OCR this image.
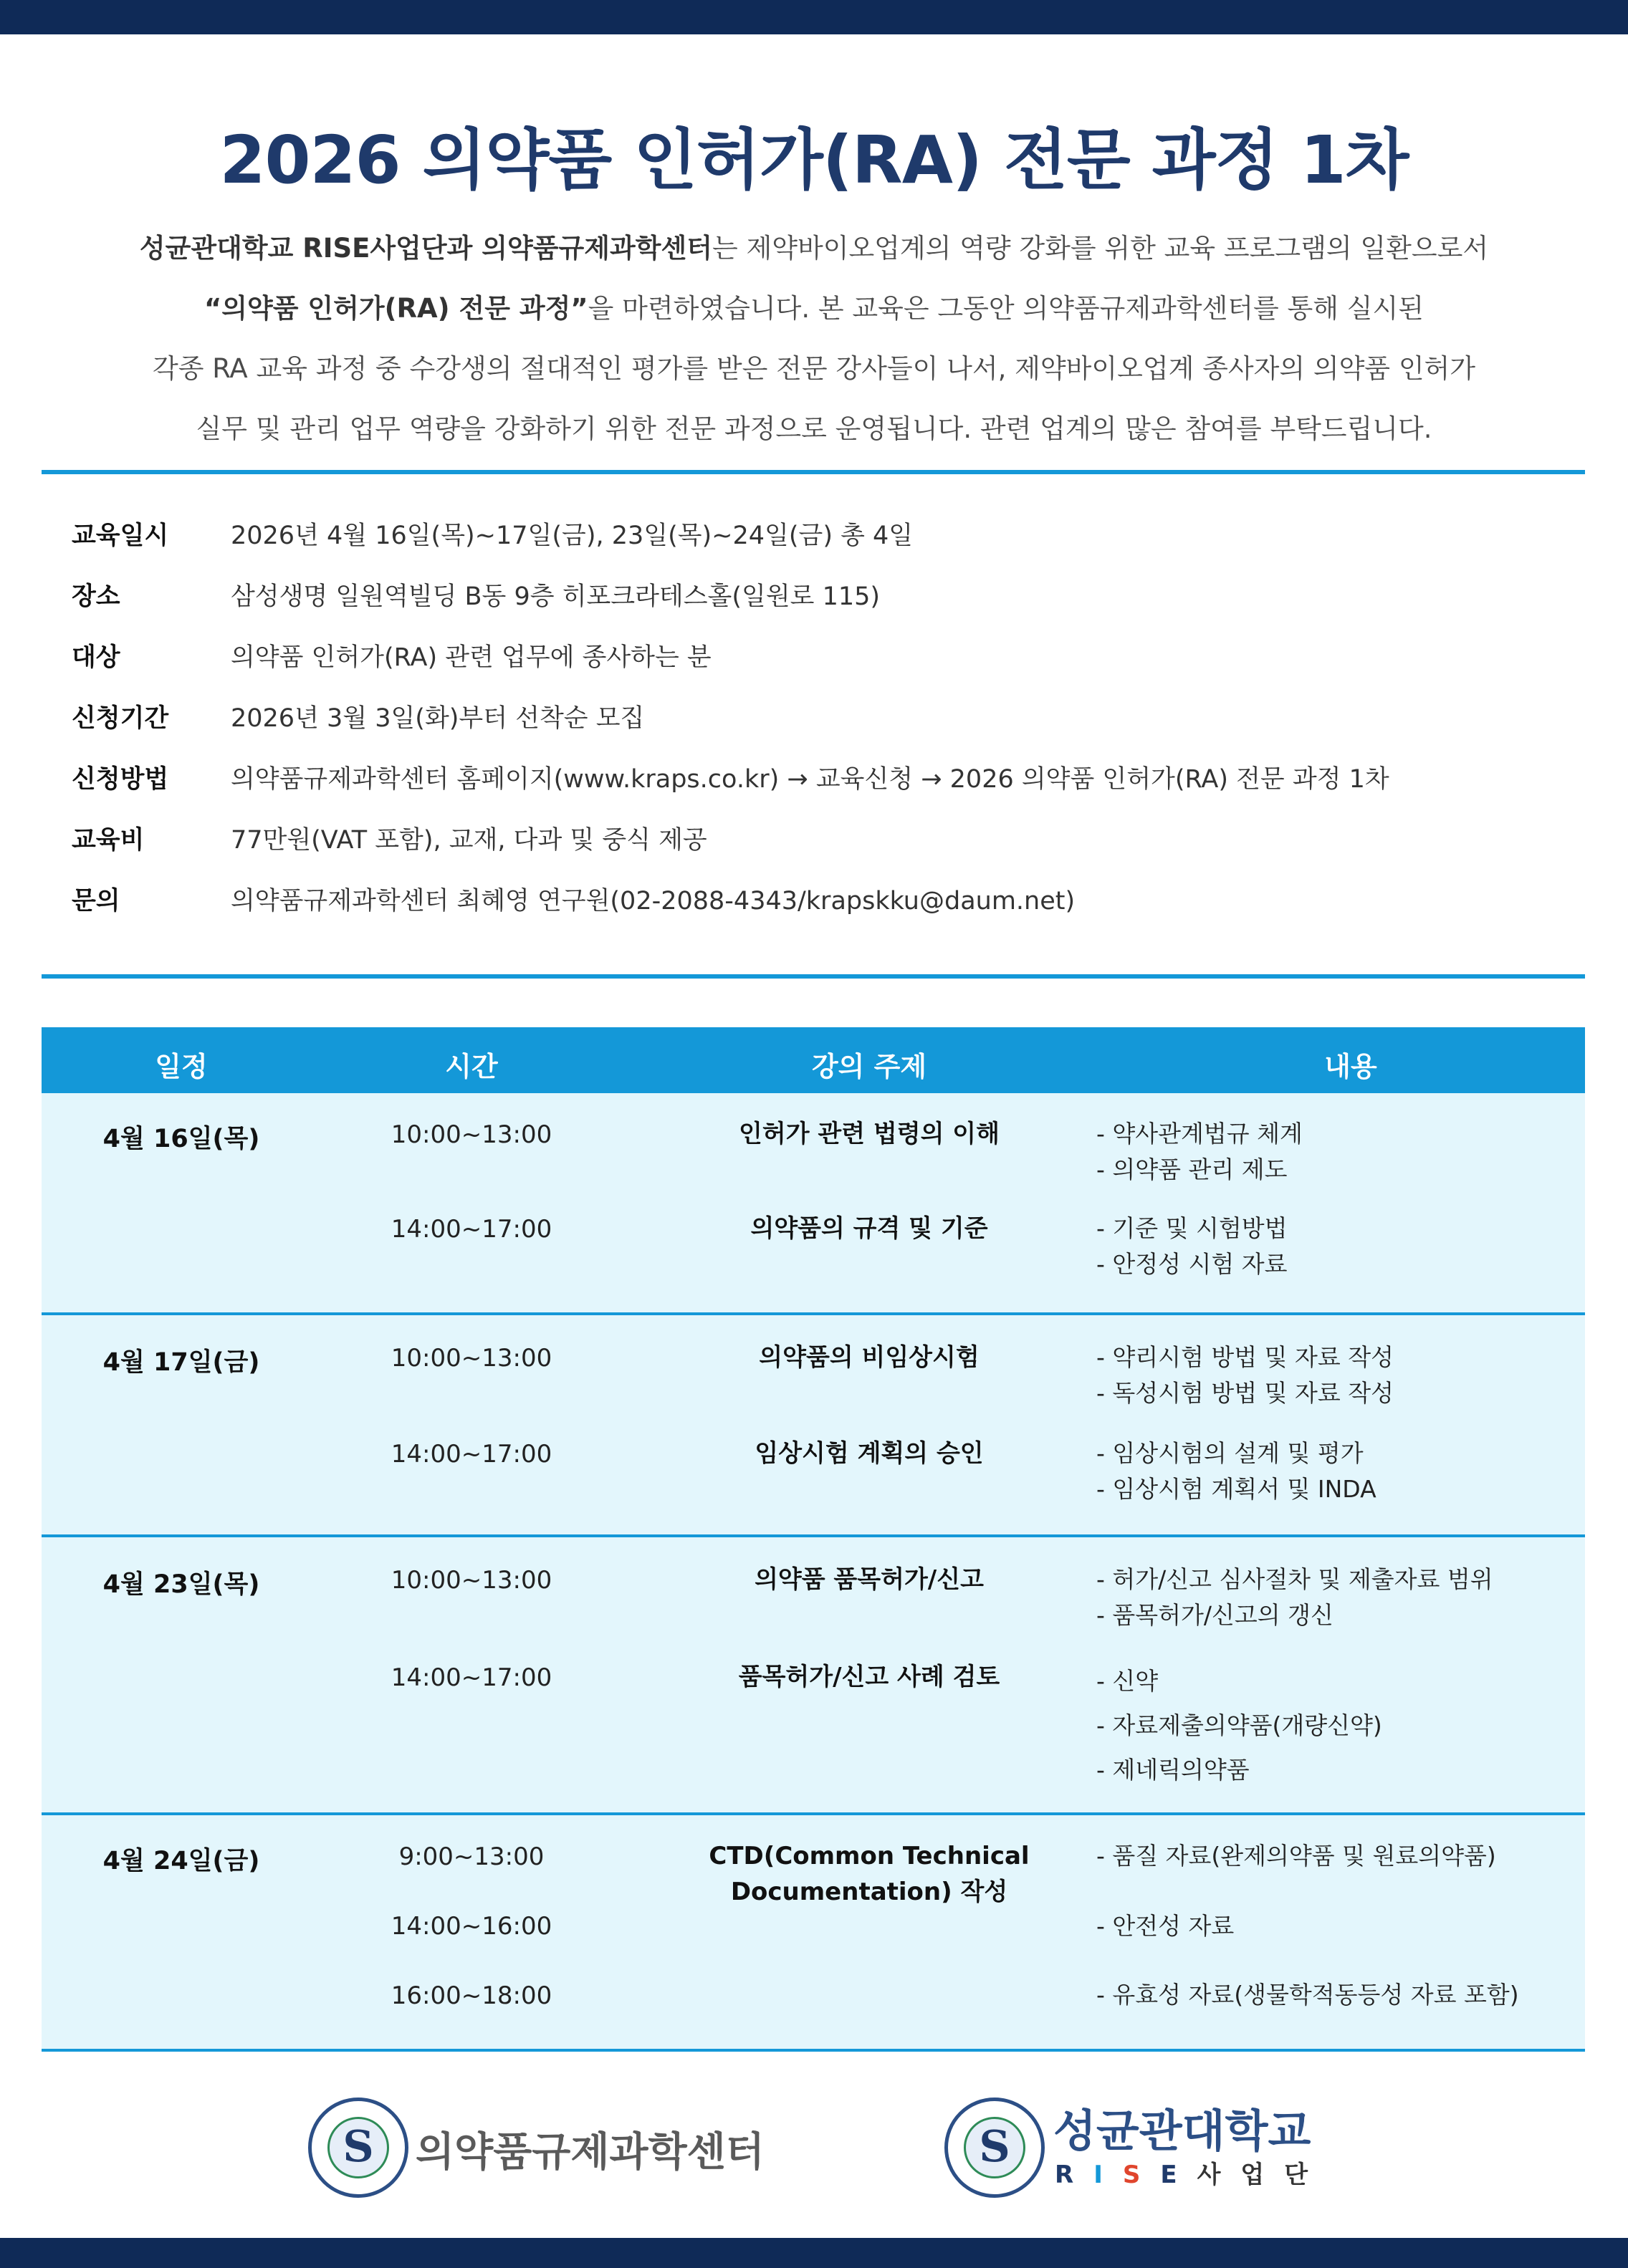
2026 의약품 인허가(RA) 전문 과정 1차
성균관대학교 RISE사업단과 의약품규제과학센터는 제약바이오업계의 역량 강화를 위한 교육 프로그램의 일환으로서
“의약품 인허가(RA) 전문 과정”을 마련하였습니다. 본 교육은 그동안 의약품규제과학센터를 통해 실시된
각종 RA 교육 과정 중 수강생의 절대적인 평가를 받은 전문 강사들이 나서, 제약바이오업계 종사자의 의약품 인허가
실무 및 관리 업무 역량을 강화하기 위한 전문 과정으로 운영됩니다. 관련 업계의 많은 참여를 부탁드립니다.
교육일시 2026년 4월 16일(목)~17일(금), 23일(목)~24일(금) 총 4일
장소	삼성생명 일원역빌딩 B동 9층 히포크라테스홀(일원로 115)
대상	의약품 인허가(RA) 관련 업무에 종사하는 분
신청기간 2026년 3월 3일(화)부터 선착순 모집
신청방법 의약품규제과학센터 홈페이지(www.kraps.co.kr) → 교육신청 → 2026 의약품 인허가(RA) 전문 과정 1차
교육비	77만원(VAT 포함), 교재, 다과 및 중식 제공
문의	의약품규제과학센터 최혜영 연구원(02-2088-4343/krapskku@daum.net)
일정	시간	강의 주제	내용
4월 16일(목)	10:00~13:00	인허가 관련 법령의 이해	- 약사관계법규 체계
- 의약품 관리 제도
14:00~17:00	의약품의 규격 및 기준	- 기준 및 시험방법
- 안정성 시험 자료
4월 17일(금)	10:00~13:00	의약품의 비임상시험	- 약리시험 방법 및 자료 작성
- 독성시험 방법 및 자료 작성
14:00~17:00	임상시험 계획의 승인	- 임상시험의 설계 및 평가
- 임상시험 계획서 및 INDA
4월 23일(목)	10:00~13:00	의약품 품목허가/신고	- 허가/신고 심사절차 및 제출자료 범위
- 품목허가/신고의 갱신
14:00~17:00	품목허가/신고 사례 검토	- 신약
- 자료제출의약품(개량신약)
- 제네릭의약품
4월 24일(금)	9:00~13:00	CTD(Common Technical
Documentation) 작성
- 품질 자료(완제의약품 및 원료의약품)
14:00~16:00	- 안전성 자료
16:00~18:00	- 유효성 자료(생물학적동등성 자료 포함)
S	의약품규제과학센터	S 성균관대학교
RISE사업단
